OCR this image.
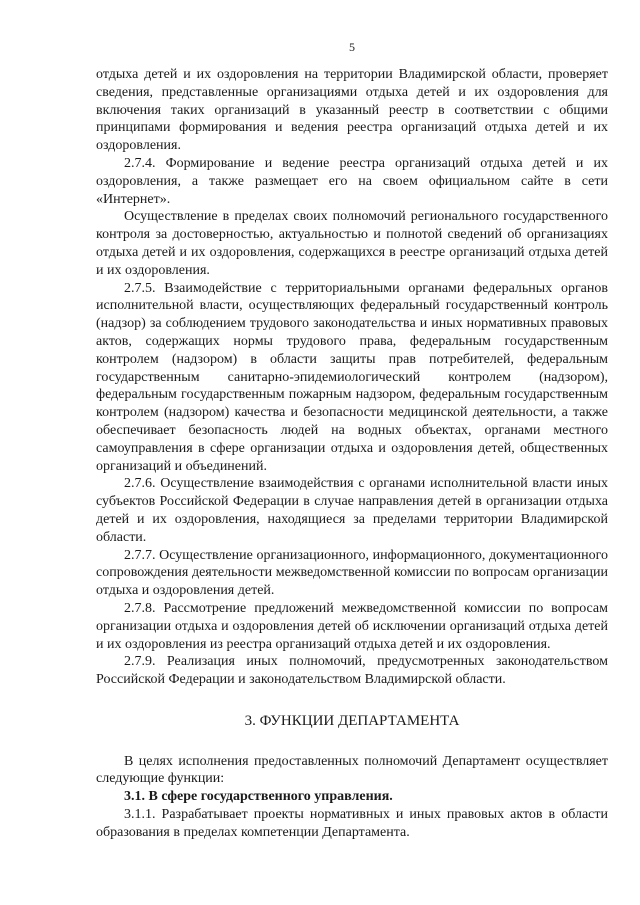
5

отдыха детей и их оздоровления на территории Владимирской области, проверяет сведения, представленные организациями отдыха детей и их оздоровления для включения таких организаций в указанный реестр в соответствии с общими принципами формирования и ведения реестра организаций отдыха детей и их оздоровления.

2.7.4. Формирование и ведение реестра организаций отдыха детей и их оздоровления, а также размещает его на своем официальном сайте в сети «Интернет».

Осуществление в пределах своих полномочий регионального государственного контроля за достоверностью, актуальностью и полнотой сведений об организациях отдыха детей и их оздоровления, содержащихся в реестре организаций отдыха детей и их оздоровления.

2.7.5. Взаимодействие с территориальными органами федеральных органов исполнительной власти, осуществляющих федеральный государственный контроль (надзор) за соблюдением трудового законодательства и иных нормативных правовых актов, содержащих нормы трудового права, федеральным государственным контролем (надзором) в области защиты прав потребителей, федеральным государственным санитарно-эпидемиологический контролем (надзором), федеральным государственным пожарным надзором, федеральным государственным контролем (надзором) качества и безопасности медицинской деятельности, а также обеспечивает безопасность людей на водных объектах, органами местного самоуправления в сфере организации отдыха и оздоровления детей, общественных организаций и объединений.

2.7.6. Осуществление взаимодействия с органами исполнительной власти иных субъектов Российской Федерации в случае направления детей в организации отдыха детей и их оздоровления, находящиеся за пределами территории Владимирской области.

2.7.7. Осуществление организационного, информационного, документационного сопровождения деятельности межведомственной комиссии по вопросам организации отдыха и оздоровления детей.

2.7.8. Рассмотрение предложений межведомственной комиссии по вопросам организации отдыха и оздоровления детей об исключении организаций отдыха детей и их оздоровления из реестра организаций отдыха детей и их оздоровления.

2.7.9. Реализация иных полномочий, предусмотренных законодательством Российской Федерации и законодательством Владимирской области.

3. ФУНКЦИИ ДЕПАРТАМЕНТА

В целях исполнения предоставленных полномочий Департамент осуществляет следующие функции:

3.1. В сфере государственного управления.

3.1.1. Разрабатывает проекты нормативных и иных правовых актов в области образования в пределах компетенции Департамента.
